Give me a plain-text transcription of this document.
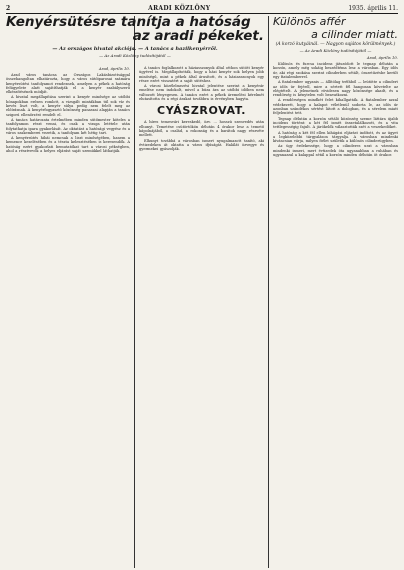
2	ARADI KÖZLÖNY	1935. április 11.
Kenyérsütésre tanítja a hatóság
az aradi pékeket.
— Az országos hivatal akciója. — A tanács a hazilkenyérről.
— Az Aradi Közlöny tudósítójától —
Arad, április 10.

Arad város tanácsa az Országos Lakásbizottsággal összehangoltan elhatározta, hogy a város sütőiparosai számára kenyérsütési tanfolyamot rendeznek, amelyen a pékek a hatóság felügyelete alatt sajátíthatják el a kenyér szabályszerű elkészítésének módját.

A hivatal megállapítása szerint a kenyér minősége az utóbbi hónapokban erősen romlott, a vizsgált mintákban túl sok víz és kevés liszt volt, a kenyér súlya pedig nem felelt meg az előírásnak. A kenyérfogyasztó közönség panaszai alapján a tanács szigorú ellenőrzést rendelt el.

A tanács határozata értelmében minden sütőmester köteles a tanfolyamon részt venni, és csak a vizsga letétele után folytathatja ipara gyakorlását. Az oktatást a hatósági vegyész és a város szakemberei vezetik, a tanfolyam két hétig tart.

A kenyérsütés hibái nemcsak a liszt minőségében, hanem a kemence kezelésében és a tészta kelesztésében is keresendők. A hatóság ezért gyakorlati bemutatókat tart a városi pékségben, ahol a résztvevők a helyes eljárást saját szemükkel láthatják.

A tanács foglalkozott a háziasszonyok által otthon sütött kenyér ügyével is. Megállapították, hogy a házi kenyér sok helyen jobb minőségű, mint a pékek által árusított, és a háziasszonyok egy része ezért visszatért a saját sütéshez.

A városi közélelmezési hivatal jelentése szerint a kenyérár emelése nem indokolt, mivel a búza ára az utóbbi időben nem változott lényegesen. A tanács ezért a pékek áremelési kérelmét elutasította és a régi árakat továbbra is érvényben hagyta.

CYÁSZROVAT.

A híres temesvári kereskedő, özv. ... hosszú szenvedés után elhunyt. Temetése csütörtökön délután 4 órakor lesz a temető kápolnájából, a család, a rokonság és a barátok nagy részvéte mellett.

Elhunyt továbbá a városban ismert nyugalmazott tanító, aki évtizedeken át oktatta a város ifjúságát. Halálát özvegye és gyermekei gyászolják.

Különös affér
a cilinder miatt.
(A korzó kutyáinál. — Nagyon sajátos körülmények.)
— Az Aradi Közlöny tudósítójától —
Arad, április 10.

Különös és furcsa incidens játszódott le tegnap délután a korzón, amely még sokáig beszédtéma lesz a városban. Egy idős úr, aki régi szokása szerint cilinderben sétált, összetűzésbe került egy fiatalemberrel.

A fiatalember ugyanis — állítólag tréfából — leütötte a cilindert az idős úr fejéről, mire a sértett fél hangosan követelte az elégtételt. A jelenetnek rövidesen nagy közönsége akadt, és a rendőrség is kénytelen volt beavatkozni.

A rendőrségen mindkét felet kihallgatták. A fiatalember azzal védekezett, hogy a kalapot véletlenül sodorta le, az idős úr azonban szándékos sértést látott a dologban, és a sérelem miatt feljelentést tett.

Tegnap délután a korzón sétáló közönség szeme láttára újabb incidens történt: a két fél ismét összetalálkozott, és a vita tettlegességig fajult. A járókelők választották szét a veszekedőket.

A hatóság a két fél ellen kihágási eljárást indított, és az ügyet a legközelebbi tárgyaláson tárgyalja. A városban mindenki kíváncsian várja, milyen ítélet születik a különös cilinderügyben.

Az ügy érdekessége, hogy a cilinderes urat a városban mindenki ismeri, mert évtizedek óta ugyanabban a ruhában és ugyanazzal a kalappal sétál a korzón minden délután öt órakor.
